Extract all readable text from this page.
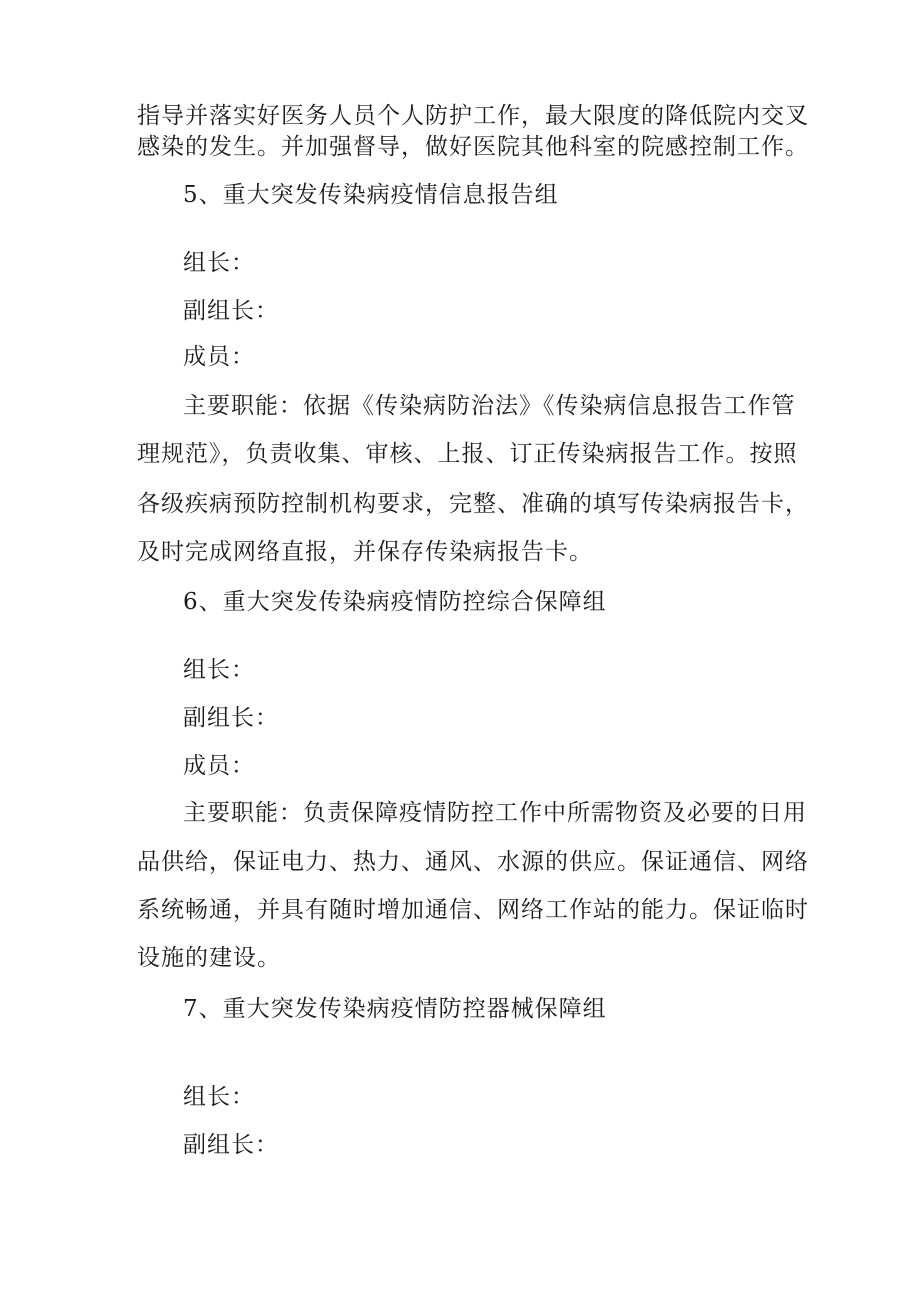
指导并落实好医务人员个人防护工作，最大限度的降低院内交叉
感染的发生。并加强督导，做好医院其他科室的院感控制工作。
5、重大突发传染病疫情信息报告组
组长：
副组长：
成员：
主要职能：依据《传染病防治法》《传染病信息报告工作管
理规范》，负责收集、审核、上报、订正传染病报告工作。按照
各级疾病预防控制机构要求，完整、准确的填写传染病报告卡，
及时完成网络直报，并保存传染病报告卡。
6、重大突发传染病疫情防控综合保障组
组长：
副组长：
成员：
主要职能：负责保障疫情防控工作中所需物资及必要的日用
品供给，保证电力、热力、通风、水源的供应。保证通信、网络
系统畅通，并具有随时增加通信、网络工作站的能力。保证临时
设施的建设。
7、重大突发传染病疫情防控器械保障组
组长：
副组长：
